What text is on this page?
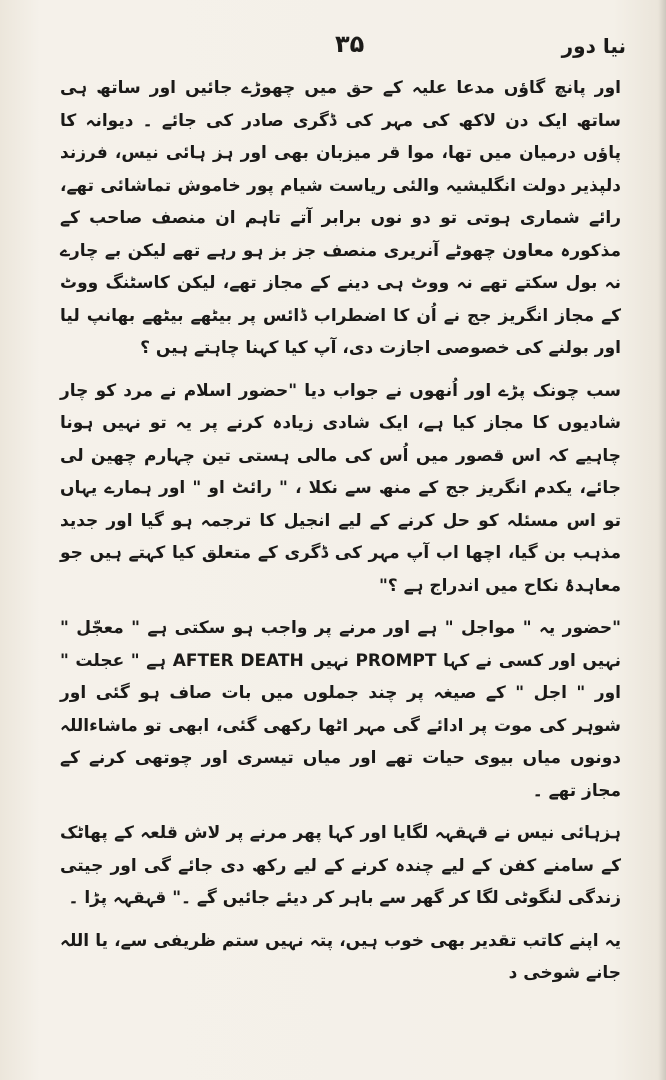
۳۵	نیا دور

اور پانچ گاؤں مدعا علیہ کے حق میں چھوڑے جائیں اور ساتھ ہی ساتھ ایک دن لاکھ کی مہر کی ڈگری صادر کی جائے ۔ دیوانہ کا پاؤں درمیان میں تھا، موا قر میزبان بھی اور ہز ہائی نیس، فرزند دلپذیر دولت انگلیشیہ والئی ریاست شیام پور خاموش تماشائی تھے، رائے شماری ہوتی تو دو نوں برابر آتے تاہم ان منصف صاحب کے مذکورہ معاون چھوٹے آنریری منصف جز بز ہو رہے تھے لیکن بے چارے نہ بول سکتے تھے نہ ووٹ ہی دینے کے مجاز تھے، لیکن کاسٹنگ ووٹ کے مجاز انگریز جج نے اُن کا اضطراب ڈائس پر بیٹھے بیٹھے بھانپ لیا اور بولنے کی خصوصی اجازت دی، آپ کیا کہنا چاہتے ہیں ؟

سب چونک پڑے اور اُنھوں نے جواب دیا "حضور اسلام نے مرد کو چار شادیوں کا مجاز کیا ہے، ایک شادی زیادہ کرنے پر یہ تو نہیں ہونا چاہیے کہ اس قصور میں اُس کی مالی ہستی تین چہارم چھین لی جائے، یکدم انگریز جج کے منھ سے نکلا ، " رائٹ او " اور ہمارے یہاں تو اس مسئلہ کو حل کرنے کے لیے انجیل کا ترجمہ ہو گیا اور جدید مذہب بن گیا، اچھا اب آپ مہر کی ڈگری کے متعلق کیا کہتے ہیں جو معاہدۂ نکاح میں اندراج ہے ؟"

"حضور یہ " مواجل " ہے اور مرنے پر واجب ہو سکتی ہے " معجّل " نہیں اور کسی نے کہا PROMPT نہیں AFTER DEATH ہے " عجلت " اور " اجل " کے صیغہ پر چند جملوں میں بات صاف ہو گئی اور شوہر کی موت پر ادائے گی مہر اٹھا رکھی گئی، ابھی تو ماشاءاللہ دونوں میاں بیوی حیات تھے اور میاں تیسری اور چوتھی کرنے کے مجاز تھے ۔

ہزہائی نیس نے قہقہہ لگایا اور کہا پھر مرنے پر لاش قلعہ کے پھاٹک کے سامنے کفن کے لیے چندہ کرنے کے لیے رکھ دی جائے گی اور جیتی زندگی لنگوٹی لگا کر گھر سے باہر کر دیئے جائیں گے ۔" قہقہہ پڑا ۔

یہ اپنے کاتب تقدیر بھی خوب ہیں، پتہ نہیں ستم ظریفی سے، یا اللہ جانے شوخی د
